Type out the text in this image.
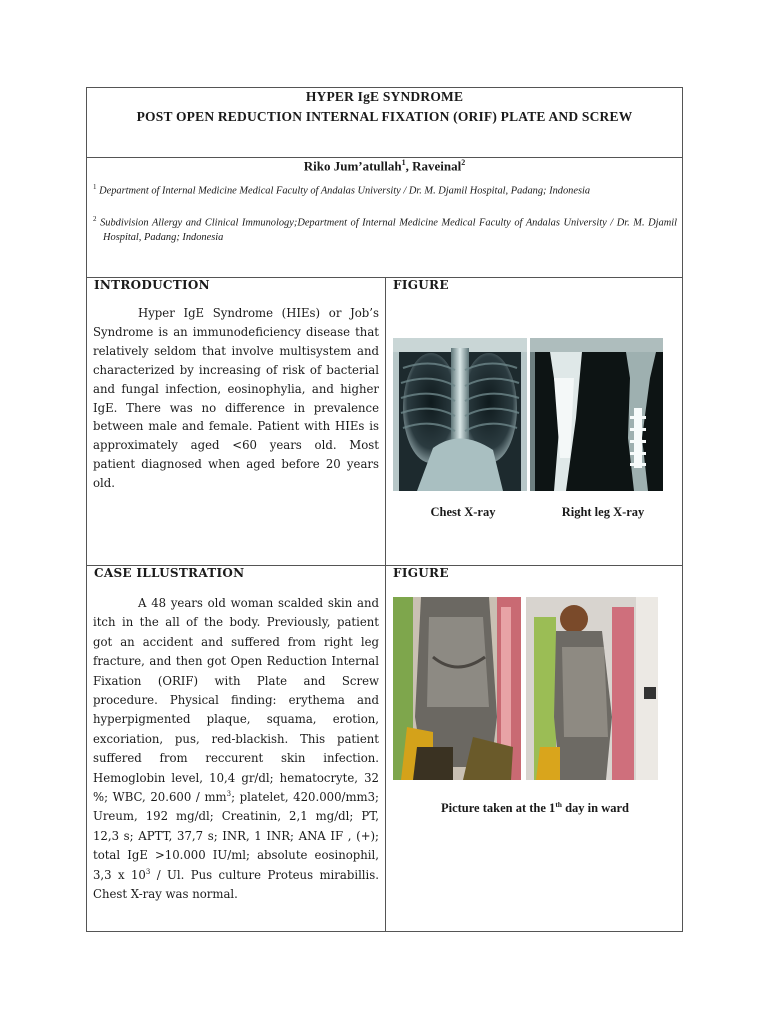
HYPER IgE SYNDROME
POST OPEN REDUCTION INTERNAL FIXATION (ORIF) PLATE AND SCREW
Riko Jum’atullah$^1$, Raveinal$^2$
$^1$ Department of Internal Medicine Medical Faculty of Andalas University / Dr. M. Djamil Hospital, Padang; Indonesia
$^2$ Subdivision Allergy and Clinical Immunology;Department of Internal Medicine Medical Faculty of Andalas University / Dr. M. Djamil Hospital, Padang; Indonesia
INTRODUCTION

Hyper IgE Syndrome (HIEs) or Job’s Syndrome is an immunodeficiency disease that relatively seldom that involve multisystem and characterized by increasing of risk of bacterial and fungal infection, eosinophylia, and higher IgE. There was no difference in prevalence between male and female. Patient with HIEs is approximately aged <60 years old. Most patient diagnosed when aged before 20 years old.

FIGURE
Chest X-ray	Right leg X-ray
CASE ILLUSTRATION

A 48 years old woman scalded skin and itch in the all of the body. Previously, patient got an accident and suffered from right leg fracture, and then got Open Reduction Internal Fixation (ORIF) with Plate and Screw procedure. Physical finding: erythema and hyperpigmented plaque, squama, erotion, excoriation, pus, red-blackish. This patient suffered from reccurent skin infection. Hemoglobin level, 10,4 gr/dl; hematocryte, 32 %; WBC, $20.600 / mm^3$; platelet, 420.000/mm3; Ureum, 192 mg/dl; Creatinin, 2,1 mg/dl; PT, 12,3 s; APTT, 37,7 s; INR, 1 INR; ANA IF , (+); total IgE >10.000 IU/ml; absolute eosinophil, 3,3 x $10^3$ / Ul. Pus culture Proteus mirabillis. Chest X-ray was normal.

FIGURE
Picture taken at the 1th day in ward
